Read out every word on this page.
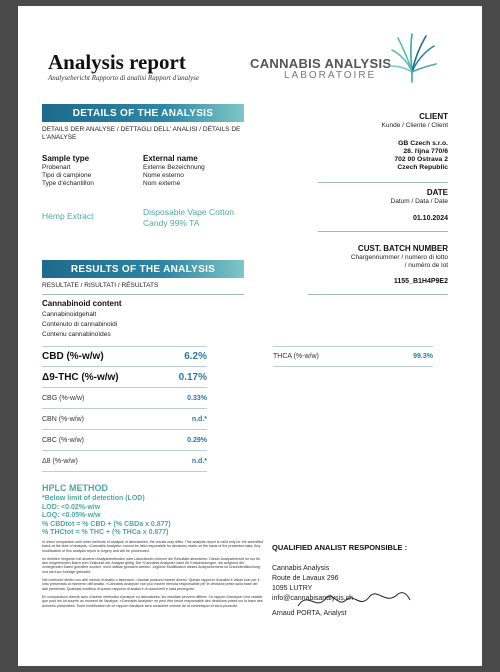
Analysis report
Analysebericht Rapporto di analisi Rapport d'analyse
CANNABIS ANALYSIS
LABORATOIRE
DETAILS OF THE ANALYSIS
DETAILS DER ANALYSE / DETTAGLI DELL' ANALISI / DÉTAILS DE L'ANALYSE
Sample type
Probenart
Tipo di campione
Type d'échantillon
External name
Externe Bezeichnung
Nome esterno
Nom externe
Hemp Extract	Disposable Vape Cotton Candy 99% TA
CLIENT
Kunde / Cliente / Client
GB Czech s.r.o.
28. října 770/6
702 00 Ostrava 2
Czech Republic
DATE
Datum / Data / Date
01.10.2024
CUST. BATCH NUMBER
Chargennummer / numero di lotto
/ numéro de lot
1155_B1H4P9E2
RESULTS OF THE ANALYSIS
RESULTATE / RISULTATI / RÉSULTATS
Cannabinoid content
Cannabinoidgehalt
Contenuto di cannabinoidi
Contenu cannabinoïdes
CBD (%-w/w)	6.2%
Δ9-THC (%-w/w)	0.17%
CBG (%-w/w)	0.33%
CBN (%-w/w)	n.d.*
CBC (%-w/w)	0.29%
Δ8 (%-w/w)	n.d.*
THCA (%-w/w)	99.3%
HPLC METHOD
*Below limit of detection (LOD)
LOD: <0.02%-w/w
LOQ: <0.05%-w/w
% CBDtot = % CBD + (% CBDa x 0.877)
% THCtot = % THC + (% THCa x 0.877)

In direct comparison with other methods of analysis or laboratories, the results may differ. This analysis report is valid only for the submitted batch at the time of analysis. «Cannabis Analysis» cannot be held responsible for decisions made on the basis of the presented data. Any modification of this analysis report is forgery and will be prosecuted.

Im direkten Vergleich mit anderen Analysemethoden oder Laboratorien können die Resultate abweichen. Dieser Analysebericht ist nur für den eingereichten Batch zum Zeitpunkt der Analyse gültig. Die «Cannabis Analysis» kann für Entscheidungen, die aufgrund der vorliegenden Daten getroffen wurden, nicht haftbar gemacht werden. Jegliche Modifikation dieses Analyseberichts ist Urkundenfälschung und wird zur Anzeige gebracht.

Nel confronto diretto con altri metodi di analisi o laboratori, i risultati possono essere diversi. Questo rapporto di analisi è valido solo per il lotto presentato al momento dell'analisi. «Cannabis Analysis» non può essere ritenuta responsabile per le decisioni prese sulla base dei dati presentati. Qualsiasi modifica di questo rapporto di analisi è di documenti e sarà perseguito.

En comparaison directe avec d'autres méthodes d'analyse ou laboratoires, les résultats peuvent différer. Ce rapport d'analyse n'est valable que pour les lot soumis au moment de l'analyse. «Cannabis Analysis» ne peut être tenue responsable des décisions prises sur la base des données présentées. Toute modification de ce rapport d'analyse sera considéré comme de la contrefaçon et sera poursuivi.

QUALIFIED ANALIST RESPONSIBLE :
Cannabis Analysis
Route de Lavaux 296
1095 LUTRY
info@cannabisanalysis.ch
Arnaud PORTA, Analyst
